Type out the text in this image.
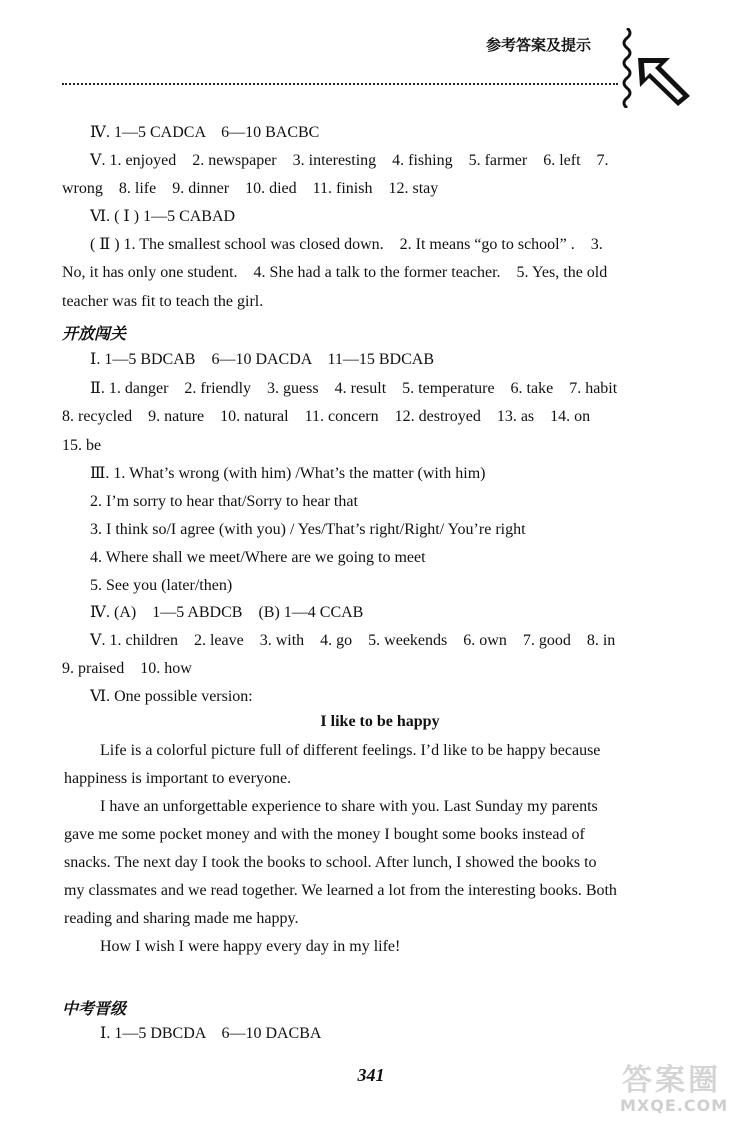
参考答案及提示
Ⅳ. 1—5 CADCA　6—10 BACBC
Ⅴ. 1. enjoyed　2. newspaper　3. interesting　4. fishing　5. farmer　6. left　7.
wrong　8. life　9. dinner　10. died　11. finish　12. stay
Ⅵ. ( Ⅰ ) 1—5 CABAD
( Ⅱ ) 1. The smallest school was closed down.　2. It means “go to school” .　3.
No, it has only one student.　4. She had a talk to the former teacher.　5. Yes, the old
teacher was fit to teach the girl.
开放闯关
Ⅰ. 1—5 BDCAB　6—10 DACDA　11—15 BDCAB
Ⅱ. 1. danger　2. friendly　3. guess　4. result　5. temperature　6. take　7. habit
8. recycled　9. nature　10. natural　11. concern　12. destroyed　13. as　14. on
15. be
Ⅲ. 1. What’s wrong (with him) /What’s the matter (with him)
2. I’m sorry to hear that/Sorry to hear that
3. I think so/I agree (with you) / Yes/That’s right/Right/ You’re right
4. Where shall we meet/Where are we going to meet
5. See you (later/then)
Ⅳ. (A)　1—5 ABDCB　(B) 1—4 CCAB
Ⅴ. 1. children　2. leave　3. with　4. go　5. weekends　6. own　7. good　8. in
9. praised　10. how
Ⅵ. One possible version:
I like to be happy
Life is a colorful picture full of different feelings. I’d like to be happy because
happiness is important to everyone.
I have an unforgettable experience to share with you. Last Sunday my parents
gave me some pocket money and with the money I bought some books instead of
snacks. The next day I took the books to school. After lunch, I showed the books to
my classmates and we read together. We learned a lot from the interesting books. Both
reading and sharing made me happy.
How I wish I were happy every day in my life!
中考晋级
Ⅰ. 1—5 DBCDA　6—10 DACBA
341	答案圈
MXQE.COM
